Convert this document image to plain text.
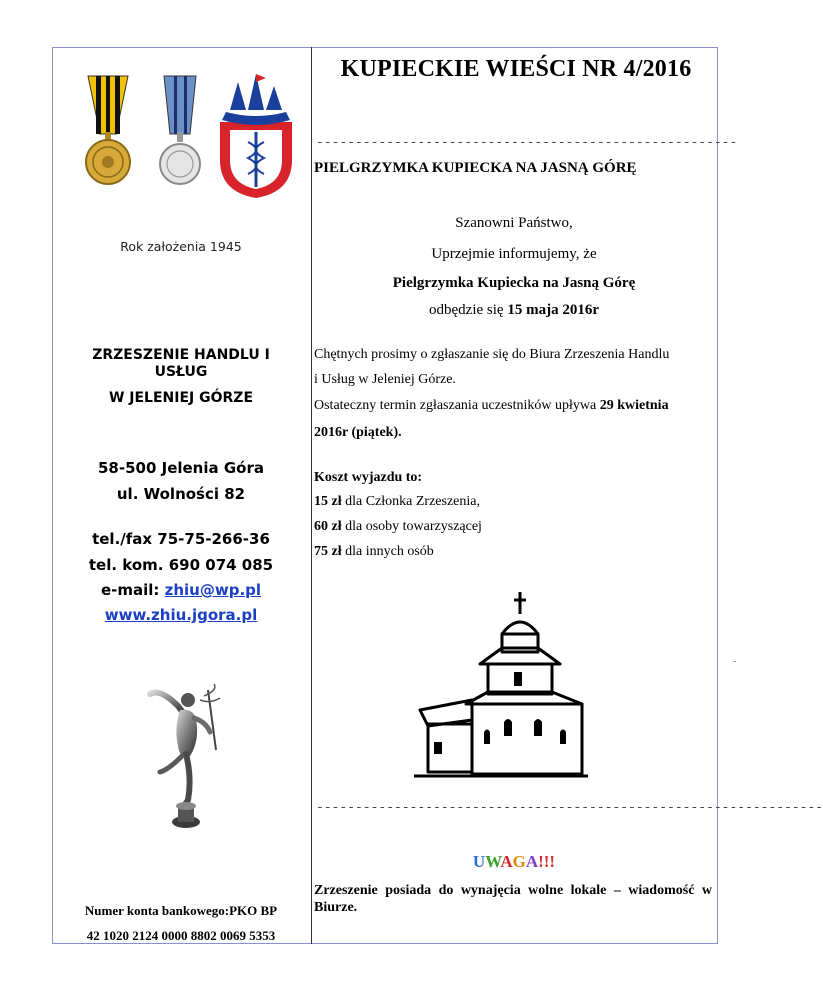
Rok założenia 1945
ZRZESZENIE HANDLU I
USŁUG
W JELENIEJ GÓRZE
58-500 Jelenia Góra
ul. Wolności 82
tel./fax 75-75-266-36
tel. kom. 690 074 085
e-mail: zhiu@wp.pl
www.zhiu.jgora.pl
Numer konta bankowego:PKO BP
42 1020 2124 0000 8802 0069 5353
KUPIECKIE WIEŚCI NR 4/2016
------------------------------------------------------
PIELGRZYMKA KUPIECKA NA JASNĄ GÓRĘ
Szanowni Państwo,
Uprzejmie informujemy, że
Pielgrzymka Kupiecka na Jasną Górę
odbędzie się 15 maja 2016r
Chętnych prosimy o zgłaszanie się do Biura Zrzeszenia Handlu
i Usług w Jeleniej Górze.
Ostateczny termin zgłaszania uczestników upływa 29 kwietnia
2016r (piątek).
Koszt wyjazdu to:
15 zł dla Członka Zrzeszenia,
60 zł dla osoby towarzyszącej
75 zł dla innych osób
-----------------------------------------------------------------
UWAGA!!!
Zrzeszenie posiada do wynajęcia wolne lokale – wiadomość w Biurze.
-
